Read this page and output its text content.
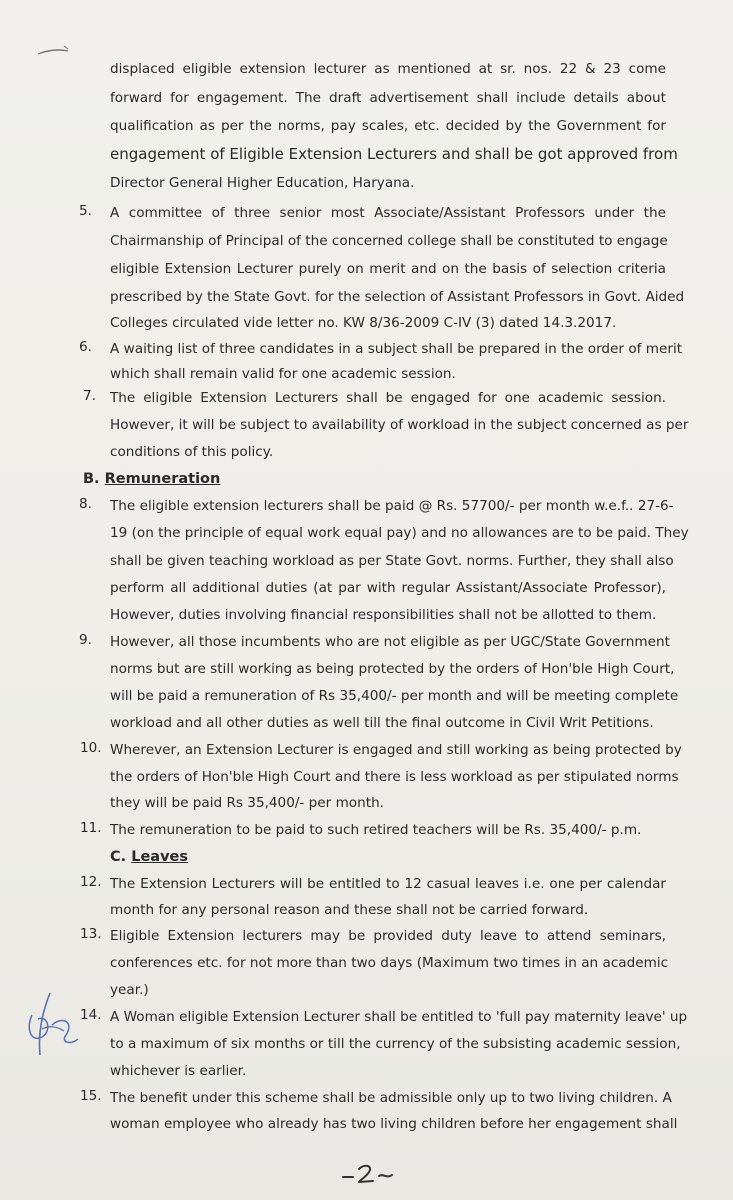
displaced eligible extension lecturer as mentioned at sr. nos. 22 & 23 come
forward for engagement. The draft advertisement shall include details about
qualification as per the norms, pay scales, etc. decided by the Government for
engagement of Eligible Extension Lecturers and shall be got approved from
Director General Higher Education, Haryana.
5.	A committee of three senior most Associate/Assistant Professors under the
Chairmanship of Principal of the concerned college shall be constituted to engage
eligible Extension Lecturer purely on merit and on the basis of selection criteria
prescribed by the State Govt. for the selection of Assistant Professors in Govt. Aided
Colleges circulated vide letter no. KW 8/36-2009 C-IV (3) dated 14.3.2017.
6.	A waiting list of three candidates in a subject shall be prepared in the order of merit
which shall remain valid for one academic session.
7.	The eligible Extension Lecturers shall be engaged for one academic session.
However, it will be subject to availability of workload in the subject concerned as per
conditions of this policy.
B. Remuneration
8.	The eligible extension lecturers shall be paid @ Rs. 57700/- per month w.e.f.. 27-6-
19 (on the principle of equal work equal pay) and no allowances are to be paid. They
shall be given teaching workload as per State Govt. norms. Further, they shall also
perform all additional duties (at par with regular Assistant/Associate Professor),
However, duties involving financial responsibilities shall not be allotted to them.
9.	However, all those incumbents who are not eligible as per UGC/State Government
norms but are still working as being protected by the orders of Hon'ble High Court,
will be paid a remuneration of Rs 35,400/- per month and will be meeting complete
workload and all other duties as well till the final outcome in Civil Writ Petitions.
10. Wherever, an Extension Lecturer is engaged and still working as being protected by
the orders of Hon'ble High Court and there is less workload as per stipulated norms
they will be paid Rs 35,400/- per month.
11. The remuneration to be paid to such retired teachers will be Rs. 35,400/- p.m.
C. Leaves
12. The Extension Lecturers will be entitled to 12 casual leaves i.e. one per calendar
month for any personal reason and these shall not be carried forward.
13. Eligible Extension lecturers may be provided duty leave to attend seminars,
conferences etc. for not more than two days (Maximum two times in an academic
year.)
14. A Woman eligible Extension Lecturer shall be entitled to 'full pay maternity leave' up
to a maximum of six months or till the currency of the subsisting academic session,
whichever is earlier.
15. The benefit under this scheme shall be admissible only up to two living children. A
woman employee who already has two living children before her engagement shall
